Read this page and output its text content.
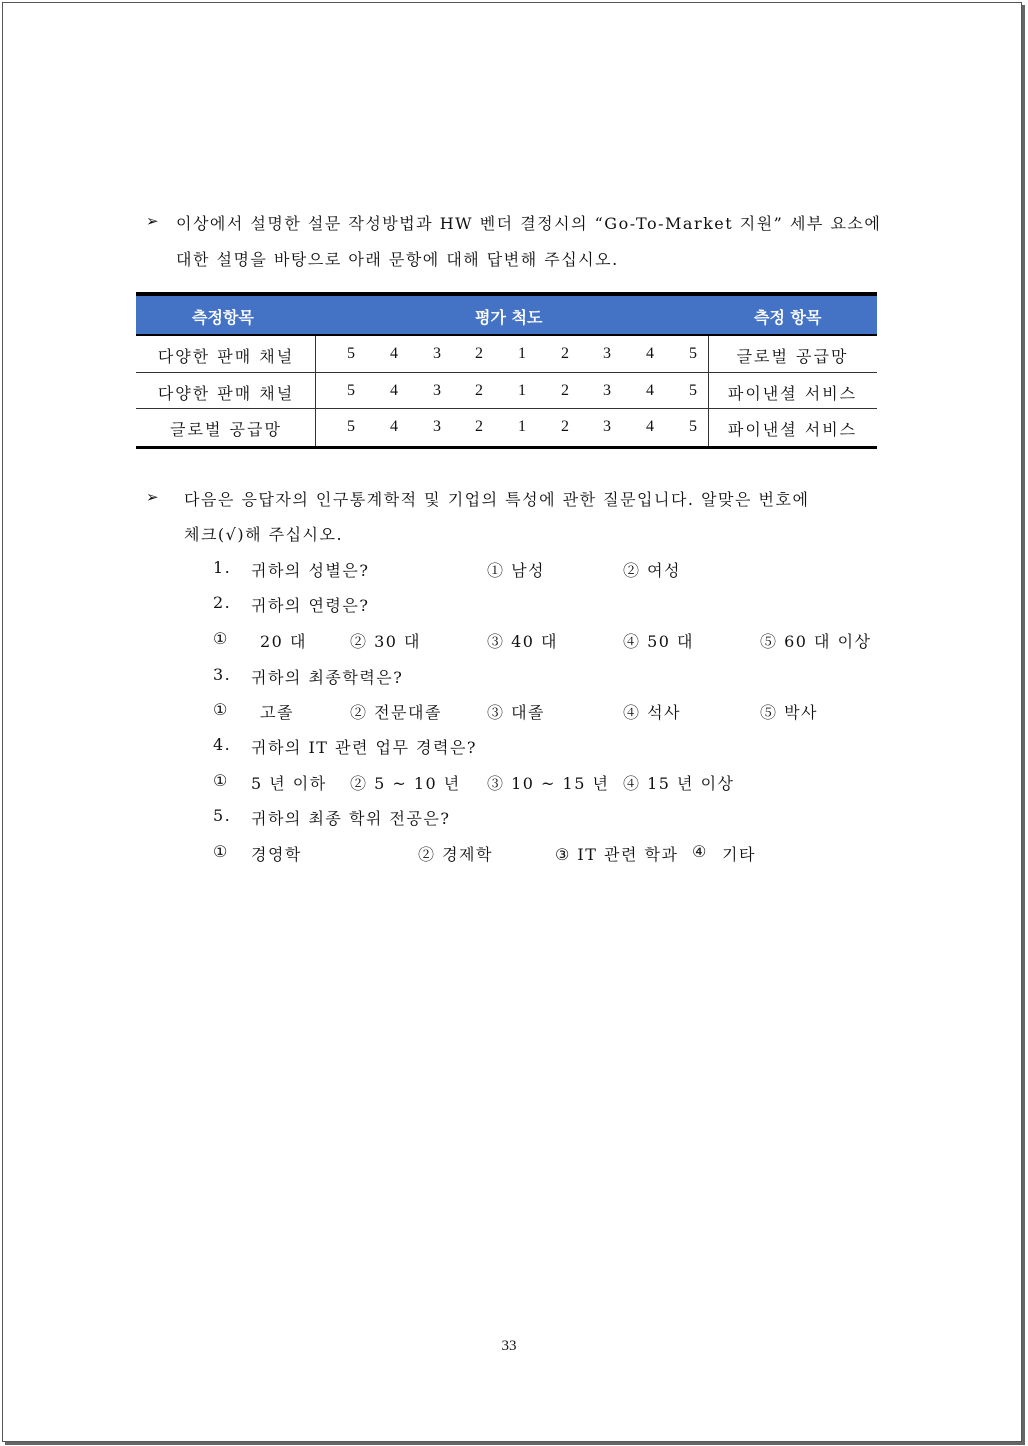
➢ 이상에서 설명한 설문 작성방법과 HW 벤더 결정시의 “Go-To-Market 지원” 세부 요소에
대한 설명을 바탕으로 아래 문항에 대해 답변해 주십시오.
측정항목	평가 척도	측정 항목
다양한 판매 채널	5	4	3	2	1	2	3	4	5	글로벌 공급망
다양한 판매 채널	5	4	3	2	1	2	3	4	5	파이낸셜 서비스
글로벌 공급망	5	4	3	2	1	2	3	4	5	파이낸셜 서비스
➢ 다음은 응답자의 인구통계학적 및 기업의 특성에 관한 질문입니다. 알맞은 번호에
체크(√)해 주십시오.
1. 귀하의 성별은?	① 남성	② 여성
2. 귀하의 연령은?
① 20 대	② 30 대	③ 40 대	④ 50 대	⑤ 60 대 이상
3. 귀하의 최종학력은?
① 고졸	② 전문대졸	③ 대졸	④ 석사	⑤ 박사
4. 귀하의 IT 관련 업무 경력은?
① 5 년 이하 ② 5 ~ 10 년 ③ 10 ~ 15 년 ④ 15 년 이상
5. 귀하의 최종 학위 전공은?
① 경영학	② 경제학	③ IT 관련 학과 ④ 기타
33
